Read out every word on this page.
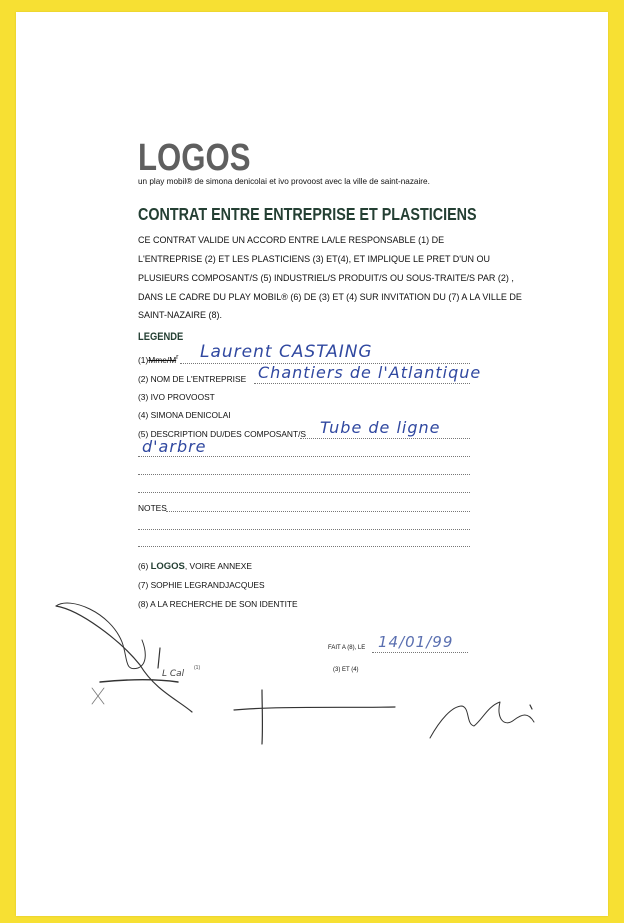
LOGOS
un play mobil® de simona denicolai et ivo provoost avec la ville de saint-nazaire.
CONTRAT ENTRE ENTREPRISE ET PLASTICIENS
CE CONTRAT VALIDE UN ACCORD ENTRE LA/LE RESPONSABLE (1) DE
L'ENTREPRISE (2) ET LES PLASTICIENS (3) ET(4), ET IMPLIQUE LE PRET D'UN OU
PLUSIEURS COMPOSANT/S (5) INDUSTRIEL/S PRODUIT/S OU SOUS-TRAITE/S PAR (2) ,
DANS LE CADRE DU PLAY MOBIL® (6) DE (3) ET (4) SUR INVITATION DU (7) A LA VILLE DE
SAINT-NAZAIRE (8).
LEGENDE
$(1)Mme/M^r$ Laurent CASTAING
(2) NOM DE L'ENTREPRISE Chantiers de l'Atlantique
(3) IVO PROVOOST
(4) SIMONA DENICOLAI
(5) DESCRIPTION DU/DES COMPOSANT/S Tube de ligne
d'arbre
NOTES
(6) LOGOS, VOIRE ANNEXE
(7) SOPHIE LEGRANDJACQUES
(8) A LA RECHERCHE DE SON IDENTITE
FAIT A (8), LE 14/01/99
(3) ET (4)
L Cal
(1)
